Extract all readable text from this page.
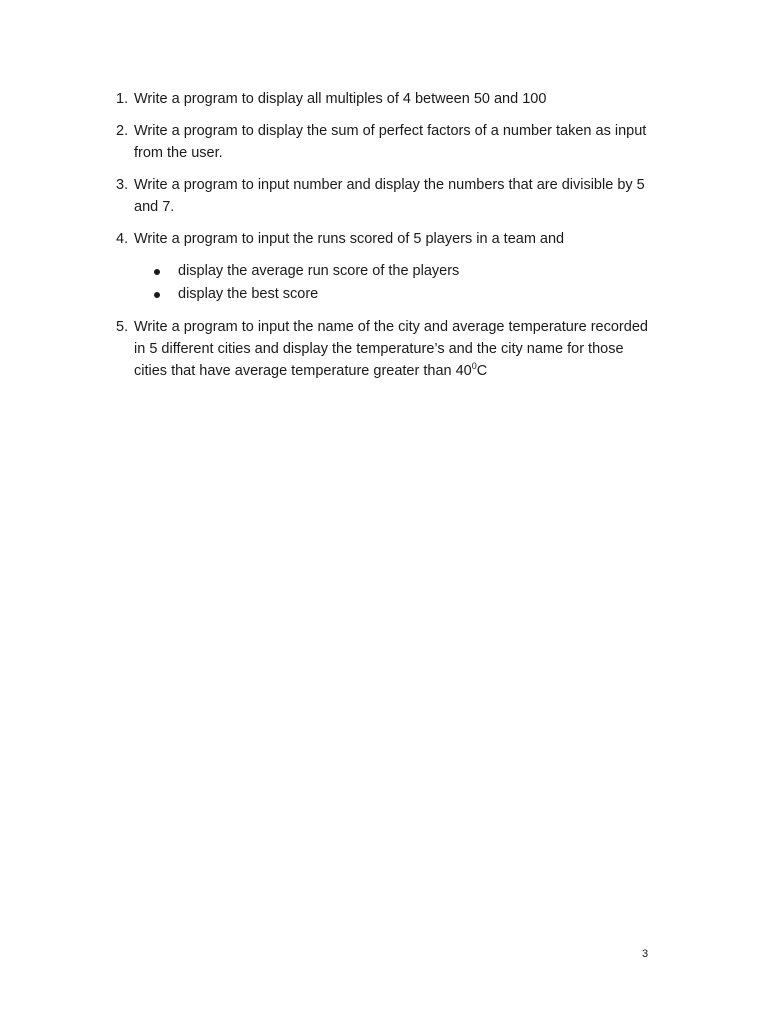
1. Write a program to display all multiples of 4 between 50 and 100
2. Write a program to display the sum of perfect factors of a number taken as input from the user.
3. Write a program to input number and display the numbers that are divisible by 5 and 7.
4. Write a program to input the runs scored of 5 players in a team and
display the average run score of the players
display the best score
5. Write a program to input the name of the city and average temperature recorded in 5 different cities and display the temperature’s and the city name for those cities that have average temperature greater than $40^0C$
3
